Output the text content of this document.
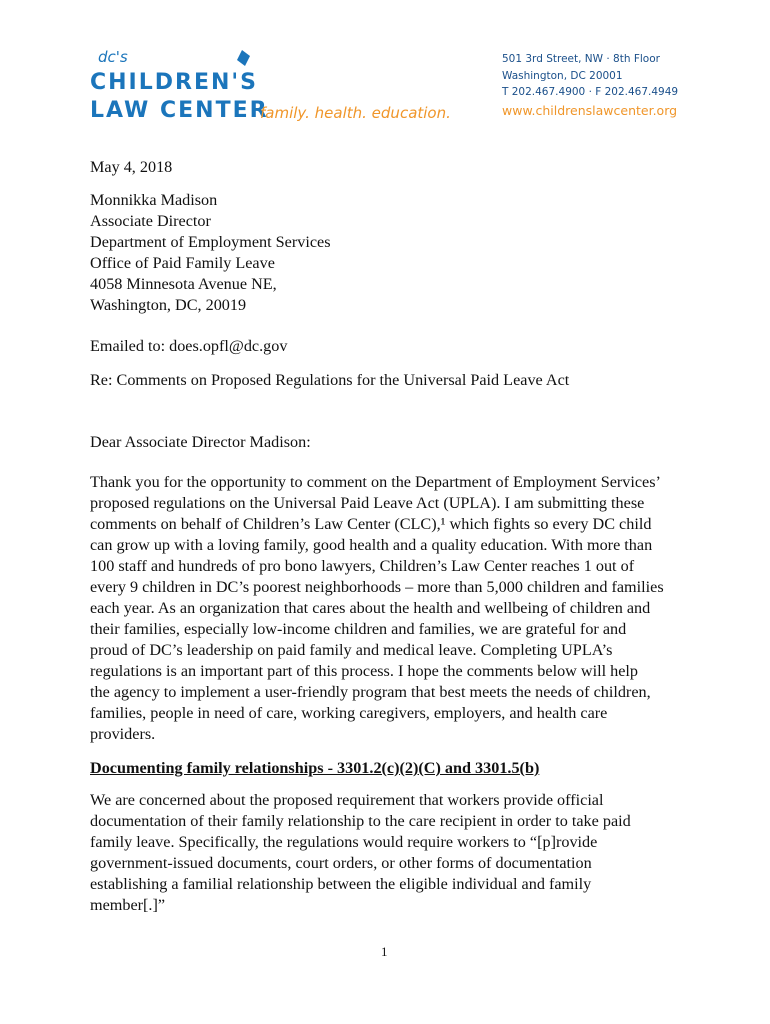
dc's
CHILDREN'S
LAW CENTER
family. health. education.
501 3rd Street, NW · 8th Floor
Washington, DC 20001
T 202.467.4900 · F 202.467.4949
www.childrenslawcenter.org
May 4, 2018
Monnikka Madison
Associate Director
Department of Employment Services
Office of Paid Family Leave
4058 Minnesota Avenue NE,
Washington, DC, 20019
Emailed to: does.opfl@dc.gov
Re: Comments on Proposed Regulations for the Universal Paid Leave Act
Dear Associate Director Madison:
Thank you for the opportunity to comment on the Department of Employment Services’
proposed regulations on the Universal Paid Leave Act (UPLA). I am submitting these
comments on behalf of Children’s Law Center (CLC),¹ which fights so every DC child
can grow up with a loving family, good health and a quality education. With more than
100 staff and hundreds of pro bono lawyers, Children’s Law Center reaches 1 out of
every 9 children in DC’s poorest neighborhoods – more than 5,000 children and families
each year. As an organization that cares about the health and wellbeing of children and
their families, especially low-income children and families, we are grateful for and
proud of DC’s leadership on paid family and medical leave. Completing UPLA’s
regulations is an important part of this process. I hope the comments below will help
the agency to implement a user-friendly program that best meets the needs of children,
families, people in need of care, working caregivers, employers, and health care
providers.
Documenting family relationships - 3301.2(c)(2)(C) and 3301.5(b)
We are concerned about the proposed requirement that workers provide official
documentation of their family relationship to the care recipient in order to take paid
family leave. Specifically, the regulations would require workers to “[p]rovide
government-issued documents, court orders, or other forms of documentation
establishing a familial relationship between the eligible individual and family
member[.]”
1
